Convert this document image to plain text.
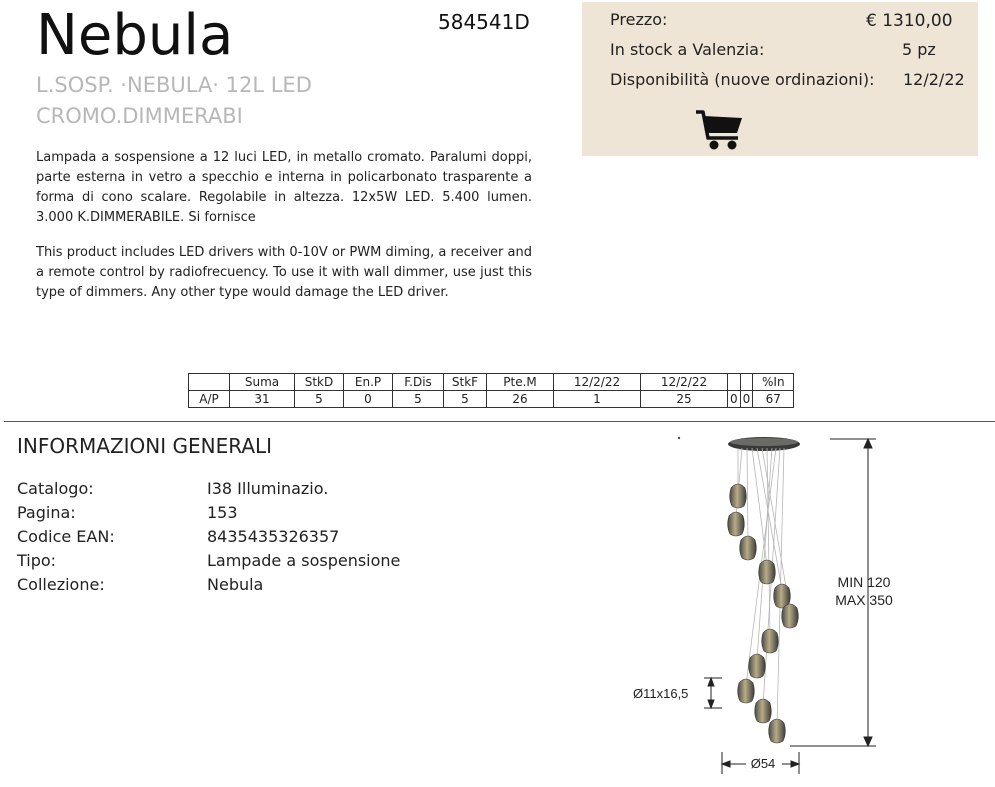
Nebula	584541D
L.SOSP. ·NEBULA· 12L LED
CROMO.DIMMERABI
Lampada a sospensione a 12 luci LED, in metallo cromato. Paralumi doppi, parte esterna in vetro a specchio e interna in policarbonato trasparente a forma di cono scalare. Regolabile in altezza. 12x5W LED. 5.400 lumen. 3.000 K.DIMMERABILE. Si fornisce
This product includes LED drivers with 0-10V or PWM diming, a receiver and a remote control by radiofrecuency. To use it with wall dimmer, use just this type of dimmers. Any other type would damage the LED driver.
Prezzo:	€ 1310,00
In stock a Valenzia:	5 pz
Disponibilità (nuove ordinazioni): 12/2/22
	Suma	StkD	En.P	F.Dis	StkF	Pte.M	12/2/22	12/2/22			%In
A/P	31	5	0	5	5	26	1	25	0	0	67
INFORMAZIONI GENERALI
Catalogo:	I38 Illuminazio.
Pagina:	153
Codice EAN:	8435435326357
Tipo:	Lampade a sospensione
Collezione:	Nebula	MIN 120
MAX 350
Ø11x16,5
Ø54
